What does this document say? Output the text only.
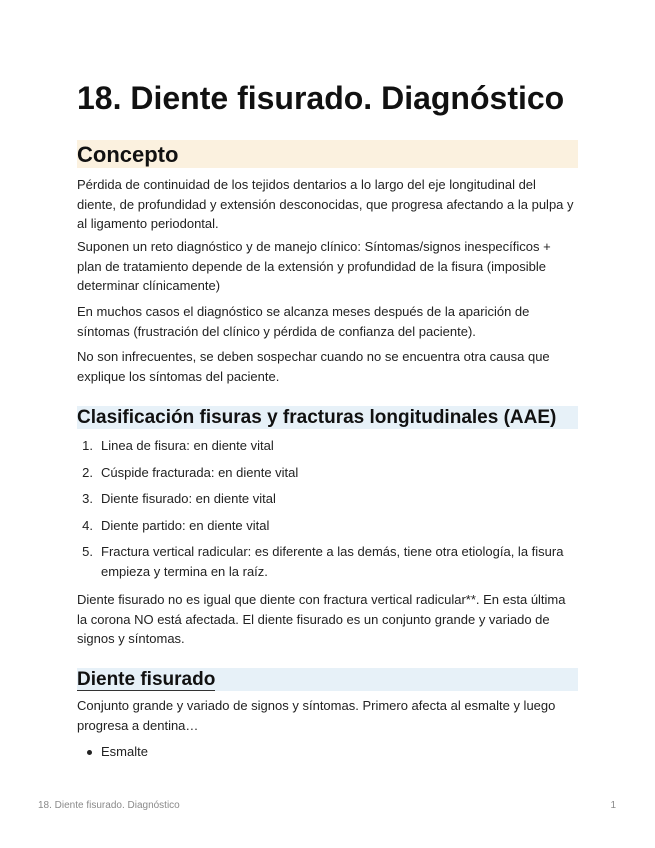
18. Diente fisurado. Diagnóstico
Concepto

Pérdida de continuidad de los tejidos dentarios a lo largo del eje longitudinal del diente, de profundidad y extensión desconocidas, que progresa afectando a la pulpa y al ligamento periodontal.

Suponen un reto diagnóstico y de manejo clínico: Síntomas/signos inespecíficos + plan de tratamiento depende de la extensión y profundidad de la fisura (imposible determinar clínicamente)

En muchos casos el diagnóstico se alcanza meses después de la aparición de síntomas (frustración del clínico y pérdida de confianza del paciente).

No son infrecuentes, se deben sospechar cuando no se encuentra otra causa que explique los síntomas del paciente.

Clasificación fisuras y fracturas longitudinales (AAE)
1. Linea de fisura: en diente vital
2. Cúspide fracturada: en diente vital
3. Diente fisurado: en diente vital
4. Diente partido: en diente vital
5. Fractura vertical radicular: es diferente a las demás, tiene otra etiología, la fisura empieza y termina en la raíz.

Diente fisurado no es igual que diente con fractura vertical radicular**. En esta última la corona NO está afectada. El diente fisurado es un conjunto grande y variado de signos y síntomas.

Diente fisurado

Conjunto grande y variado de signos y síntomas. Primero afecta al esmalte y luego progresa a dentina…

Esmalte
18. Diente fisurado. Diagnóstico	1
